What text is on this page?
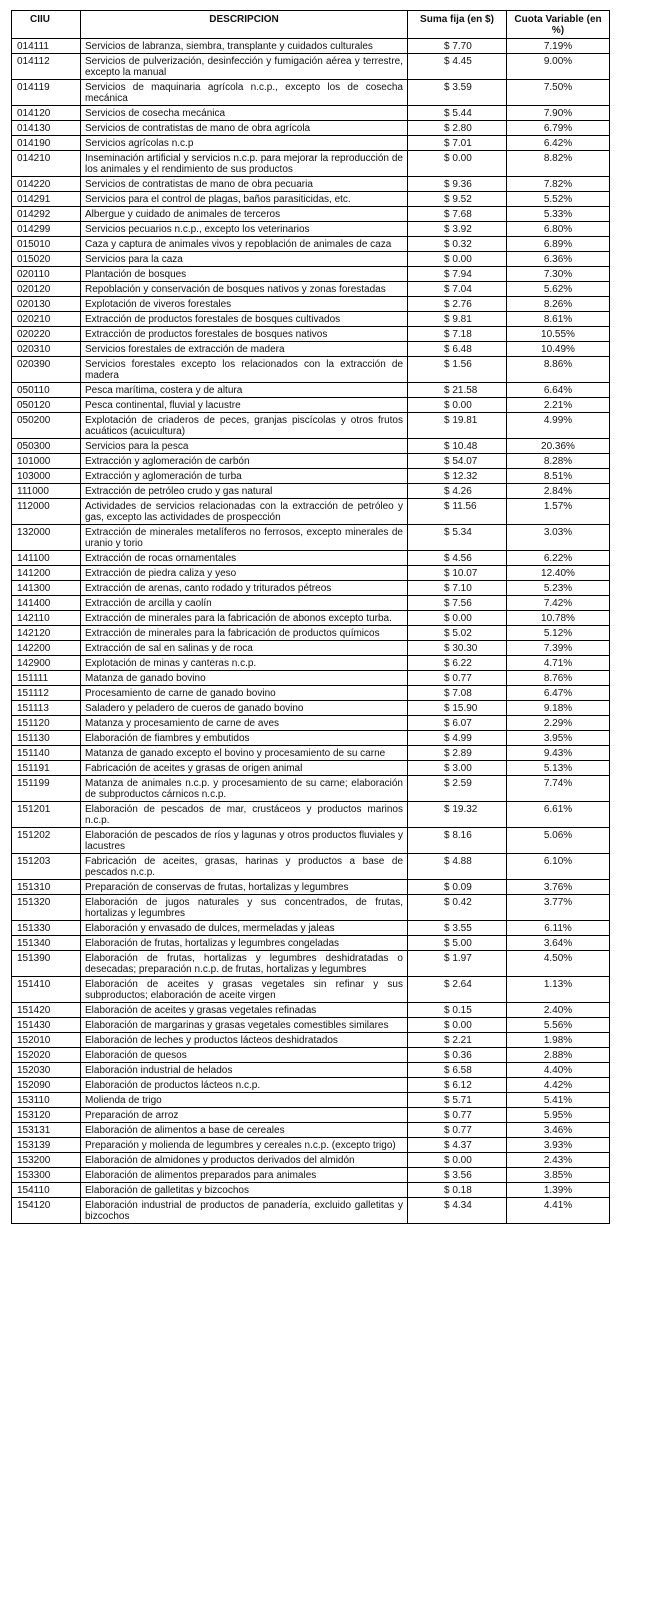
CIIU	DESCRIPCION	Suma fija (en $)	Cuota Variable (en %)
014111	Servicios de labranza, siembra, transplante y cuidados culturales	$ 7.70	7.19%
014112	Servicios de pulverización, desinfección y fumigación aérea y terrestre, excepto la manual	$ 4.45	9.00%
014119	Servicios de maquinaria agrícola n.c.p., excepto los de cosecha mecánica	$ 3.59	7.50%
014120	Servicios de cosecha mecánica	$ 5.44	7.90%
014130	Servicios de contratistas de mano de obra agrícola	$ 2.80	6.79%
014190	Servicios agrícolas n.c.p	$ 7.01	6.42%
014210	Inseminación artificial y servicios n.c.p. para mejorar la reproducción de los animales y el rendimiento de sus productos	$ 0.00	8.82%
014220	Servicios de contratistas de mano de obra pecuaria	$ 9.36	7.82%
014291	Servicios para el control de plagas, baños parasiticidas, etc.	$ 9.52	5.52%
014292	Albergue y cuidado de animales de terceros	$ 7.68	5.33%
014299	Servicios pecuarios n.c.p., excepto los veterinarios	$ 3.92	6.80%
015010	Caza y captura de animales vivos y repoblación de animales de caza	$ 0.32	6.89%
015020	Servicios para la caza	$ 0.00	6.36%
020110	Plantación de bosques	$ 7.94	7.30%
020120	Repoblación y conservación de bosques nativos y zonas forestadas	$ 7.04	5.62%
020130	Explotación de viveros forestales	$ 2.76	8.26%
020210	Extracción de productos forestales de bosques cultivados	$ 9.81	8.61%
020220	Extracción de productos forestales de bosques nativos	$ 7.18	10.55%
020310	Servicios forestales de extracción de madera	$ 6.48	10.49%
020390	Servicios forestales excepto los relacionados con la extracción de madera	$ 1.56	8.86%
050110	Pesca marítima, costera y de altura	$ 21.58	6.64%
050120	Pesca continental, fluvial y lacustre	$ 0.00	2.21%
050200	Explotación de criaderos de peces, granjas piscícolas y otros frutos acuáticos (acuicultura)	$ 19.81	4.99%
050300	Servicios para la pesca	$ 10.48	20.36%
101000	Extracción y aglomeración de carbón	$ 54.07	8.28%
103000	Extracción y aglomeración de turba	$ 12.32	8.51%
111000	Extracción de petróleo crudo y gas natural	$ 4.26	2.84%
112000	Actividades de servicios relacionadas con la extracción de petróleo y gas, excepto las actividades de prospección	$ 11.56	1.57%
132000	Extracción de minerales metalíferos no ferrosos, excepto minerales de uranio y torio	$ 5.34	3.03%
141100	Extracción de rocas ornamentales	$ 4.56	6.22%
141200	Extracción de piedra caliza y yeso	$ 10.07	12.40%
141300	Extracción de arenas, canto rodado y triturados pétreos	$ 7.10	5.23%
141400	Extracción de arcilla y caolín	$ 7.56	7.42%
142110	Extracción de minerales para la fabricación de abonos excepto turba.	$ 0.00	10.78%
142120	Extracción de minerales para la fabricación de productos químicos	$ 5.02	5.12%
142200	Extracción de sal en salinas y de roca	$ 30.30	7.39%
142900	Explotación de minas y canteras n.c.p.	$ 6.22	4.71%
151111	Matanza de ganado bovino	$ 0.77	8.76%
151112	Procesamiento de carne de ganado bovino	$ 7.08	6.47%
151113	Saladero y peladero de cueros de ganado bovino	$ 15.90	9.18%
151120	Matanza y procesamiento de carne de aves	$ 6.07	2.29%
151130	Elaboración de fiambres y embutidos	$ 4.99	3.95%
151140	Matanza de ganado excepto el bovino y procesamiento de su carne	$ 2.89	9.43%
151191	Fabricación de aceites y grasas de origen animal	$ 3.00	5.13%
151199	Matanza de animales n.c.p. y procesamiento de su carne; elaboración de subproductos cárnicos n.c.p.	$ 2.59	7.74%
151201	Elaboración de pescados de mar, crustáceos y productos marinos n.c.p.	$ 19.32	6.61%
151202	Elaboración de pescados de ríos y lagunas y otros productos fluviales y lacustres	$ 8.16	5.06%
151203	Fabricación de aceites, grasas, harinas y productos a base de pescados n.c.p.	$ 4.88	6.10%
151310	Preparación de conservas de frutas, hortalizas y legumbres	$ 0.09	3.76%
151320	Elaboración de jugos naturales y sus concentrados, de frutas, hortalizas y legumbres	$ 0.42	3.77%
151330	Elaboración y envasado de dulces, mermeladas y jaleas	$ 3.55	6.11%
151340	Elaboración de frutas, hortalizas y legumbres congeladas	$ 5.00	3.64%
151390	Elaboración de frutas, hortalizas y legumbres deshidratadas o desecadas; preparación n.c.p. de frutas, hortalizas y legumbres	$ 1.97	4.50%
151410	Elaboración de aceites y grasas vegetales sin refinar y sus subproductos; elaboración de aceite virgen	$ 2.64	1.13%
151420	Elaboración de aceites y grasas vegetales refinadas	$ 0.15	2.40%
151430	Elaboración de margarinas y grasas vegetales comestibles similares	$ 0.00	5.56%
152010	Elaboración de leches y productos lácteos deshidratados	$ 2.21	1.98%
152020	Elaboración de quesos	$ 0.36	2.88%
152030	Elaboración industrial de helados	$ 6.58	4.40%
152090	Elaboración de productos lácteos n.c.p.	$ 6.12	4.42%
153110	Molienda de trigo	$ 5.71	5.41%
153120	Preparación de arroz	$ 0.77	5.95%
153131	Elaboración de alimentos a base de cereales	$ 0.77	3.46%
153139	Preparación y molienda de legumbres y cereales n.c.p. (excepto trigo)	$ 4.37	3.93%
153200	Elaboración de almidones y productos derivados del almidón	$ 0.00	2.43%
153300	Elaboración de alimentos preparados para animales	$ 3.56	3.85%
154110	Elaboración de galletitas y bizcochos	$ 0.18	1.39%
154120	Elaboración industrial de productos de panadería, excluido galletitas y bizcochos	$ 4.34	4.41%
